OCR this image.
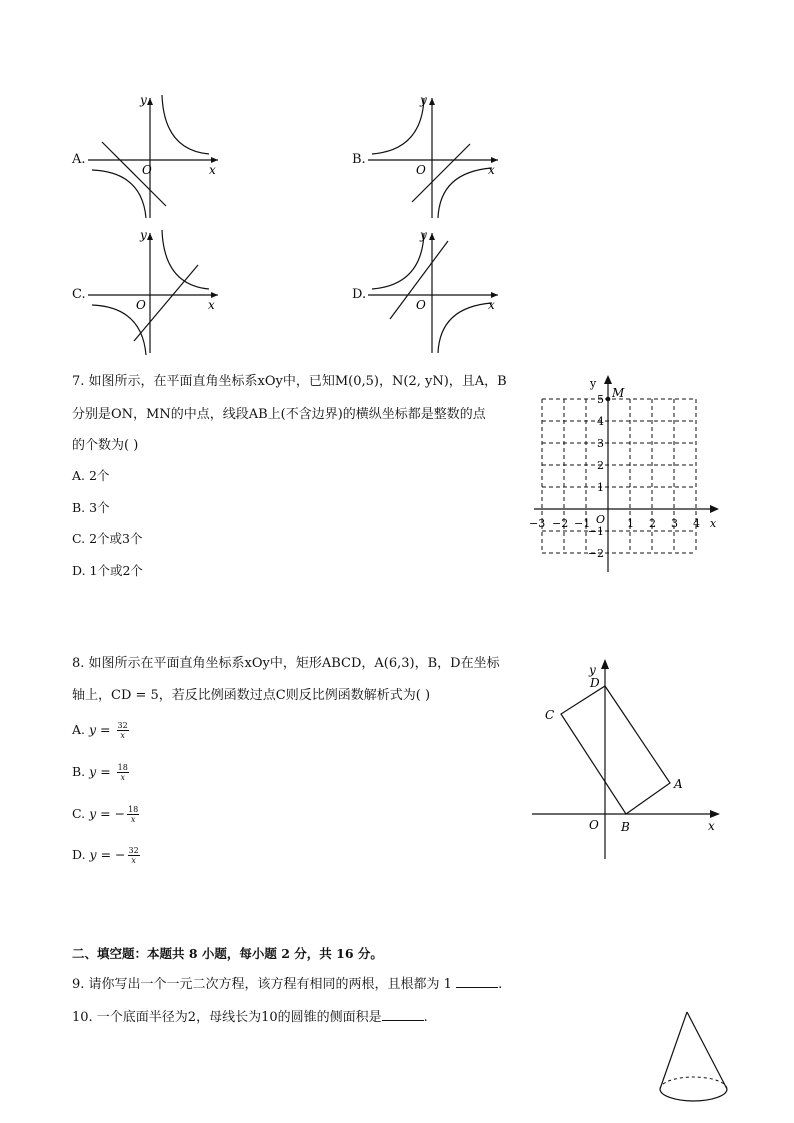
A.
O	x
y
B.
O	x
y
C.
O	x
y
D.
O	x
y
7. 如图所示，在平面直角坐标系xOy中，已知M(0,5)，N(2, yN)，且A，B
分别是ON，MN的中点，线段AB上(不含边界)的横纵坐标都是整数的点
的个数为( )
A. 2个
B. 3个
C. 2个或3个
D. 1个或2个
M
y
x
O
−3 −2 −1	1 2 3 4
5
4
3
2
1
−1
−2
8. 如图所示在平面直角坐标系xOy中，矩形ABCD，A(6,3)，B，D在坐标
轴上，CD = 5，若反比例函数过点C则反比例函数解析式为( )
A. $y = \frac{32}{x}$
B. $y = \frac{18}{x}$
C. y = − $\frac{18}{x}$
D. y = − $\frac{32}{x}$
y
x
O
A
B
C
D
二、填空题：本题共 8 小题，每小题 2 分，共 16 分。
9. 请你写出一个一元二次方程，该方程有相同的两根，且根都为 1	.
10. 一个底面半径为2，母线长为10的圆锥的侧面积是	.
